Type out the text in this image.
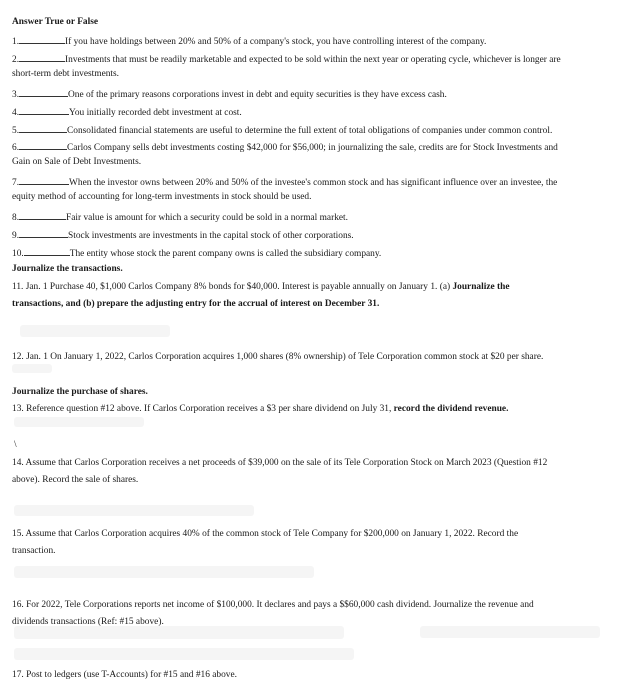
Answer True or False
1.	If you have holdings between 20% and 50% of a company's stock, you have controlling interest of the company.
2.	Investments that must be readily marketable and expected to be sold within the next year or operating cycle, whichever is longer are
short-term debt investments.
3.	One of the primary reasons corporations invest in debt and equity securities is they have excess cash.
4.	You initially recorded debt investment at cost.
5.	Consolidated financial statements are useful to determine the full extent of total obligations of companies under common control.
6.	Carlos Company sells debt investments costing $42,000 for $56,000; in journalizing the sale, credits are for Stock Investments and
Gain on Sale of Debt Investments.
7.	When the investor owns between 20% and 50% of the investee's common stock and has significant influence over an investee, the
equity method of accounting for long-term investments in stock should be used.
8.	Fair value is amount for which a security could be sold in a normal market.
9.	Stock investments are investments in the capital stock of other corporations.
10.	The entity whose stock the parent company owns is called the subsidiary company.
Journalize the transactions.
11. Jan. 1 Purchase 40, $1,000 Carlos Company 8% bonds for $40,000. Interest is payable annually on January 1. (a) Journalize the
transactions, and (b) prepare the adjusting entry for the accrual of interest on December 31.
12. Jan. 1 On January 1, 2022, Carlos Corporation acquires 1,000 shares (8% ownership) of Tele Corporation common stock at $20 per share.
Journalize the purchase of shares.
13. Reference question #12 above. If Carlos Corporation receives a $3 per share dividend on July 31, record the dividend revenue.
\
14. Assume that Carlos Corporation receives a net proceeds of $39,000 on the sale of its Tele Corporation Stock on March 2023 (Question #12
above). Record the sale of shares.
15. Assume that Carlos Corporation acquires 40% of the common stock of Tele Company for $200,000 on January 1, 2022. Record the
transaction.
16. For 2022, Tele Corporations reports net income of $100,000. It declares and pays a $$60,000 cash dividend. Journalize the revenue and
dividends transactions (Ref: #15 above).
17. Post to ledgers (use T-Accounts) for #15 and #16 above.
